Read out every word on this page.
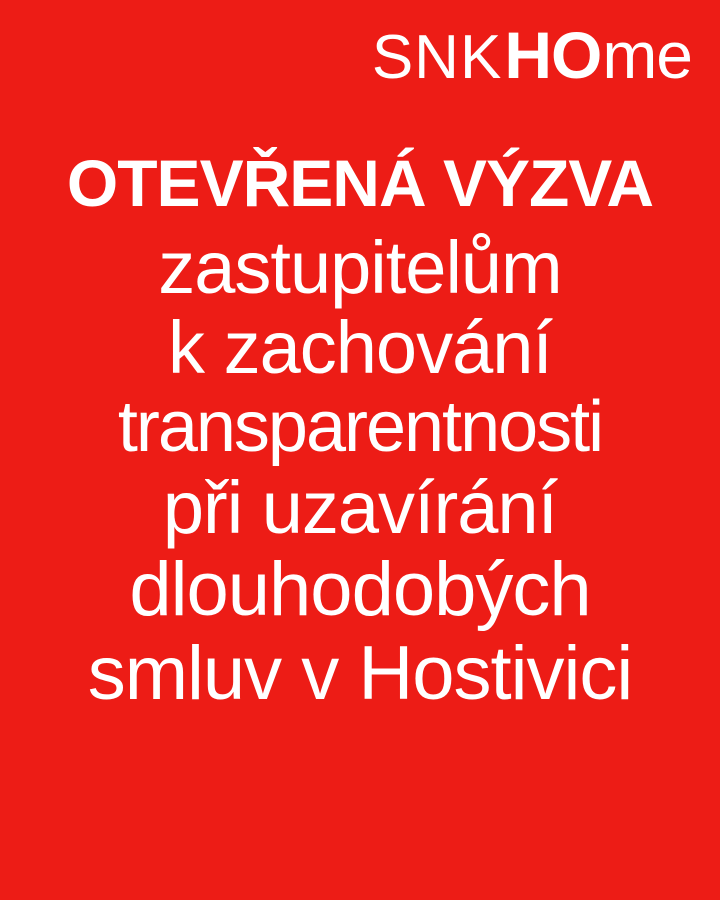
SNK HO me
OTEVŘENÁ VÝZVA
zastupitelům
k zachování
transparentnosti
při uzavírání
dlouhodobých
smluv v Hostivici
